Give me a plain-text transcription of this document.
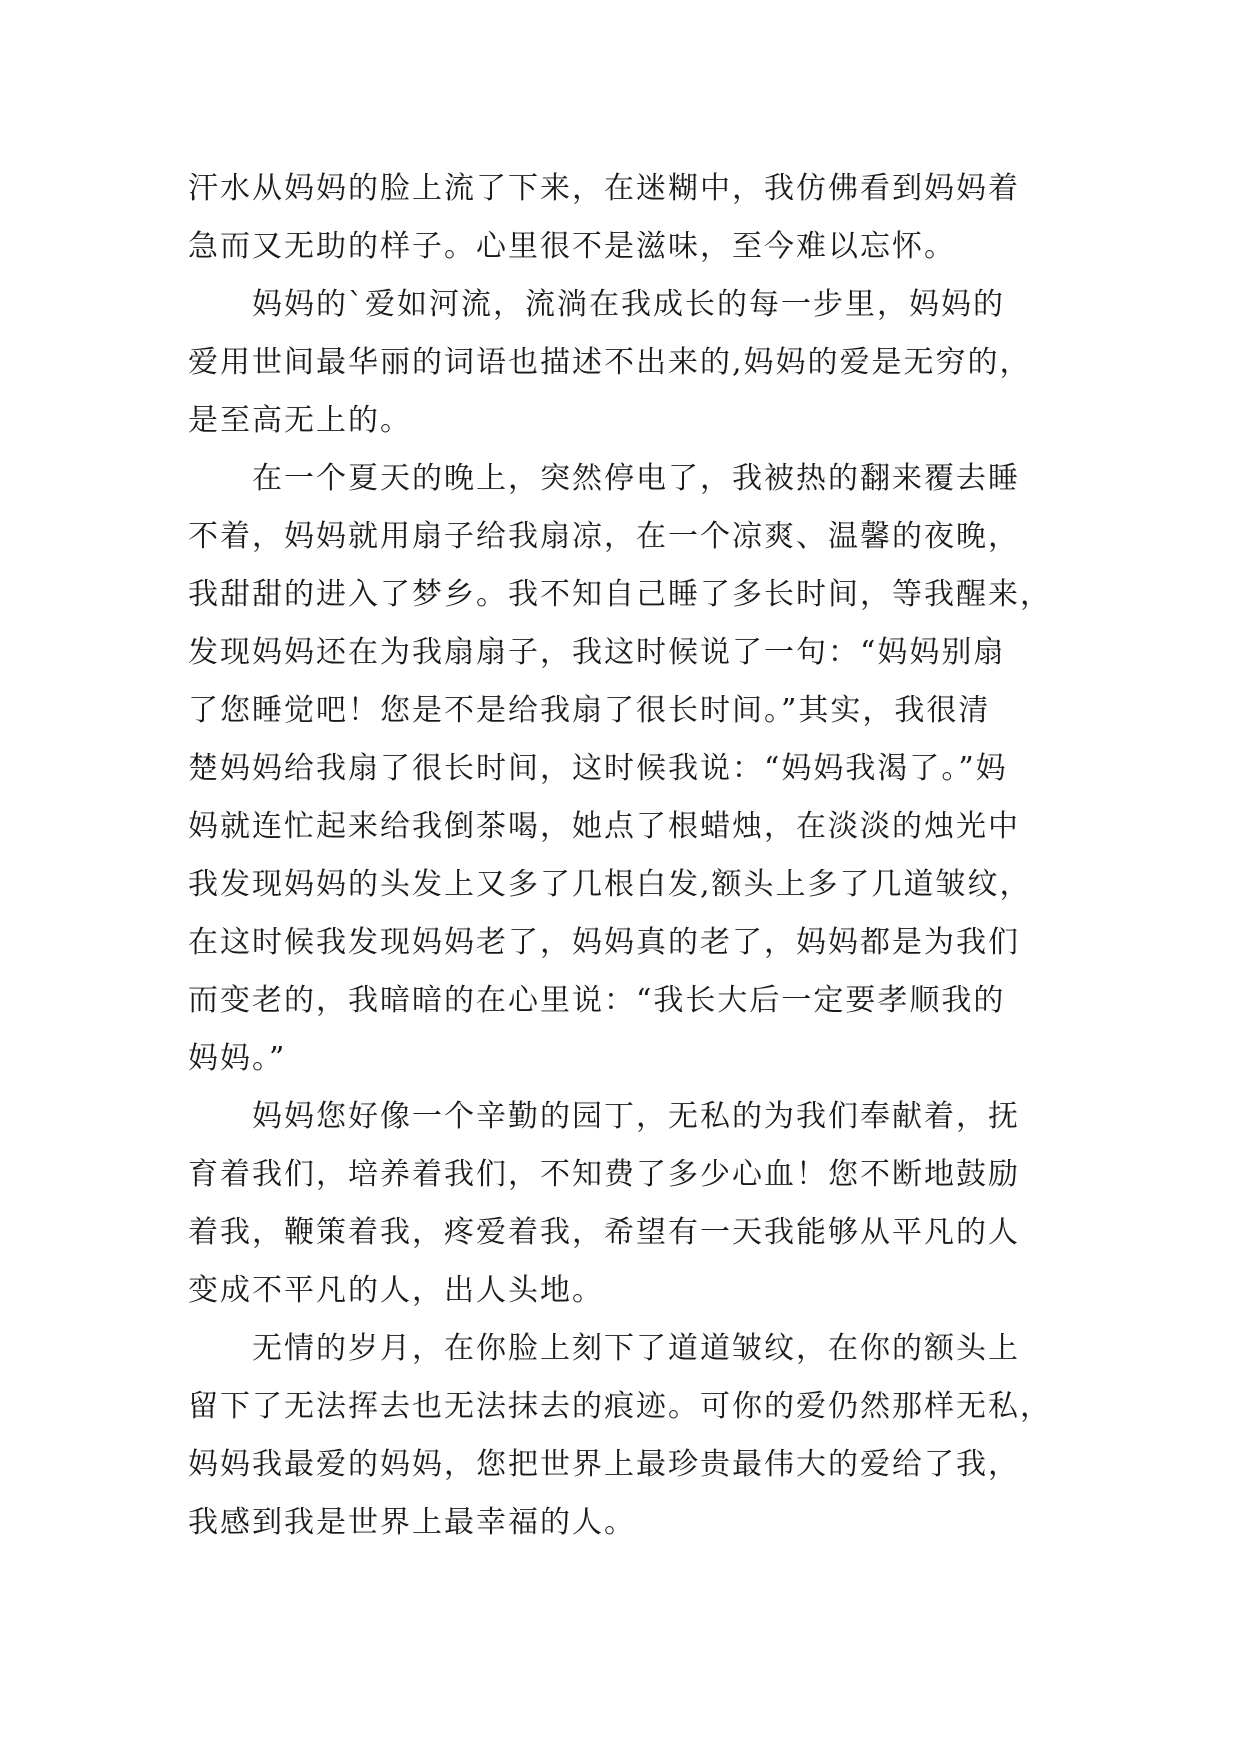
汗水从妈妈的脸上流了下来，在迷糊中，我仿佛看到妈妈着
急而又无助的样子。心里很不是滋味，至今难以忘怀。
　　妈妈的`爱如河流，流淌在我成长的每一步里，妈妈的
爱用世间最华丽的词语也描述不出来的,妈妈的爱是无穷的，
是至高无上的。
　　在一个夏天的晚上，突然停电了，我被热的翻来覆去睡
不着，妈妈就用扇子给我扇凉，在一个凉爽、温馨的夜晚，
我甜甜的进入了梦乡。我不知自己睡了多长时间，等我醒来，
发现妈妈还在为我扇扇子，我这时候说了一句：“妈妈别扇
了您睡觉吧！您是不是给我扇了很长时间。”其实，我很清
楚妈妈给我扇了很长时间，这时候我说：“妈妈我渴了。”妈
妈就连忙起来给我倒茶喝，她点了根蜡烛，在淡淡的烛光中
我发现妈妈的头发上又多了几根白发,额头上多了几道皱纹，
在这时候我发现妈妈老了，妈妈真的老了，妈妈都是为我们
而变老的，我暗暗的在心里说：“我长大后一定要孝顺我的
妈妈。”
　　妈妈您好像一个辛勤的园丁，无私的为我们奉献着，抚
育着我们，培养着我们，不知费了多少心血！您不断地鼓励
着我，鞭策着我，疼爱着我，希望有一天我能够从平凡的人
变成不平凡的人，出人头地。
　　无情的岁月，在你脸上刻下了道道皱纹，在你的额头上
留下了无法挥去也无法抹去的痕迹。可你的爱仍然那样无私，
妈妈我最爱的妈妈，您把世界上最珍贵最伟大的爱给了我，
我感到我是世界上最幸福的人。
